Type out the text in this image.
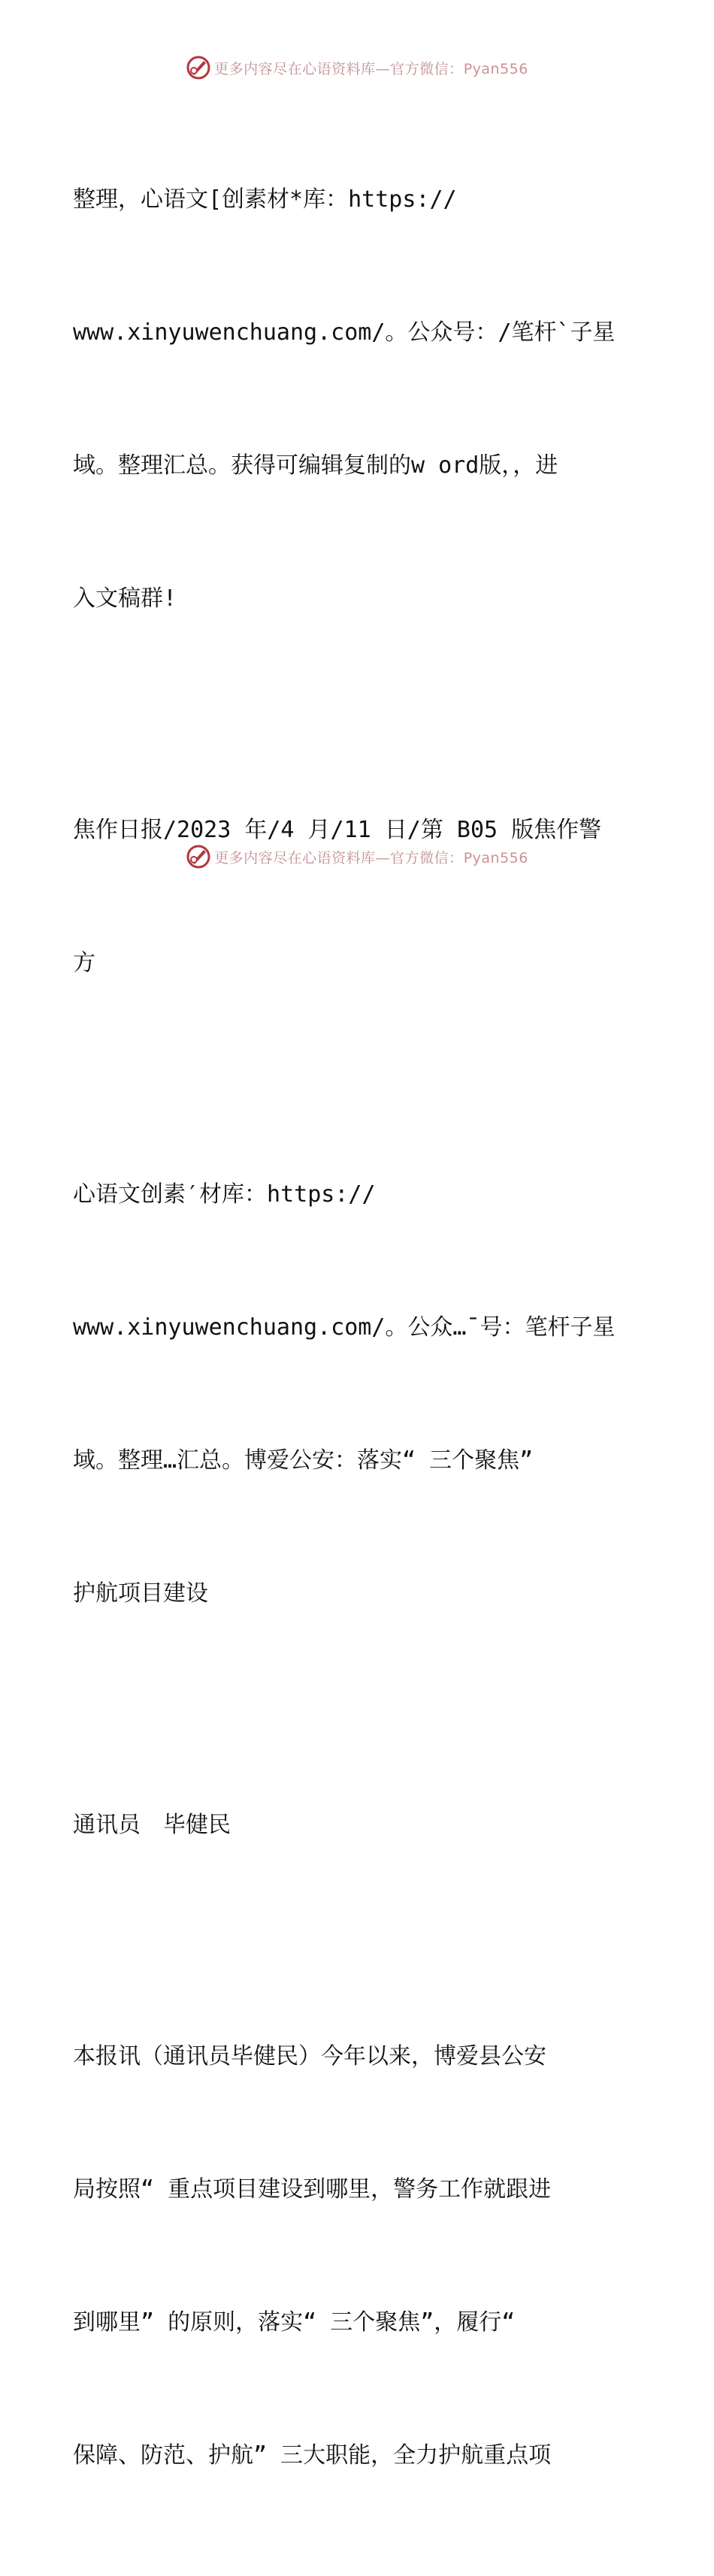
更多内容尽在心语资料库—官方微信：Pyan556

整理，心语文[创素材*库：https://

www.xinyuwenchuang.com/。公众号：/笔杆`子星

域。整理汇总。获得可编辑复制的w ord版，，进

入文稿群!

焦作日报/2023 年/4 月/11 日/第 B05 版焦作警

方

心语文创素′材库：https://

www.xinyuwenchuang.com/。公众…¯号：笔杆子星

域。整理…汇总。博爱公安：落实“ 三个聚焦”

护航项目建设

通讯员　毕健民

本报讯（通讯员毕健民）今年以来，博爱县公安

局按照“ 重点项目建设到哪里，警务工作就跟进

到哪里” 的原则，落实“ 三个聚焦”，履行“

保障、防范、护航” 三大职能，全力护航重点项

更多内容尽在心语资料库—官方微信：Pyan556
